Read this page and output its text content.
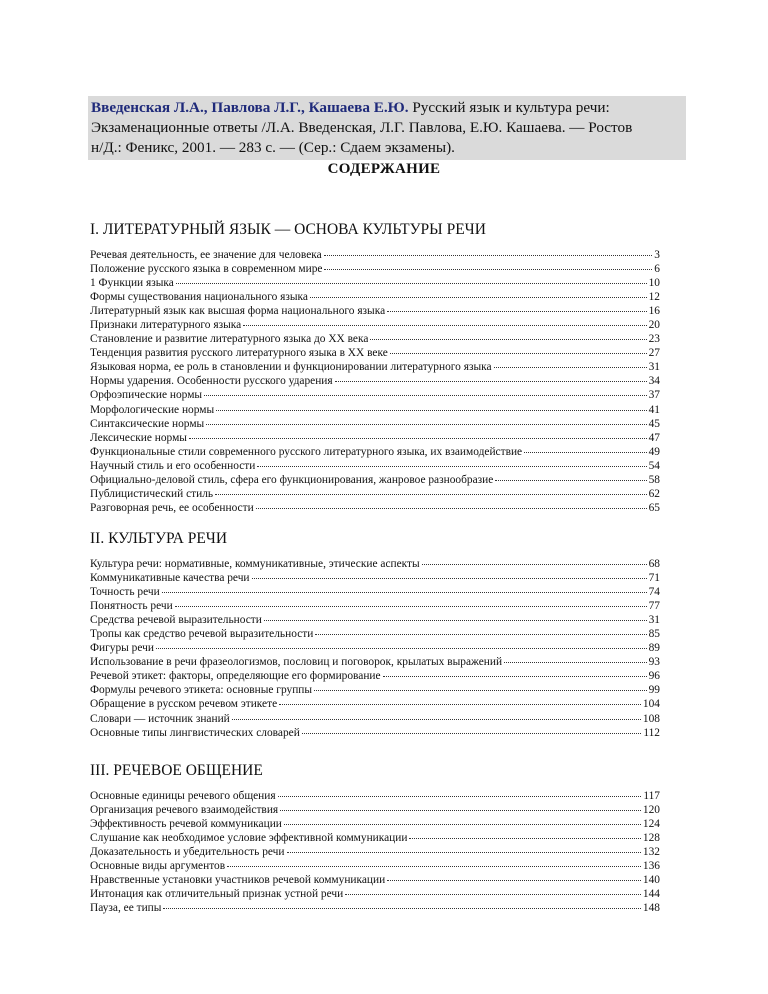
Введенская Л.А., Павлова Л.Г., Кашаева Е.Ю. Русский язык и культура речи:
Экзаменационные ответы /Л.А. Введенская, Л.Г. Павлова, Е.Ю. Кашаева. — Ростов
н/Д.: Феникс, 2001. — 283 с. — (Сер.: Сдаем экзамены).
СОДЕРЖАНИЕ
I. ЛИТЕРАТУРНЫЙ ЯЗЫК — ОСНОВА КУЛЬТУРЫ РЕЧИ
Речевая деятельность, ее значение для человека	3
Положение русского языка в современном мире	6
1 Функции языка	10
Формы существования национального языка	12
Литературный язык как высшая форма национального языка	16
Признаки литературного языка	20
Становление и развитие литературного языка до XX века	23
Тенденция развития русского литературного языка в XX веке	27
Языковая норма, ее роль в становлении и функционировании литературного языка	31
Нормы ударения. Особенности русского ударения	34
Орфоэпические нормы	37
Морфологические нормы	41
Синтаксические нормы	45
Лексические нормы	47
Функциональные стили современного русского литературного языка, их взаимодействие	49
Научный стиль и его особенности	54
Официально-деловой стиль, сфера его функционирования, жанровое разнообразие	58
Публицистический стиль	62
Разговорная речь, ее особенности	65
II. КУЛЬТУРА РЕЧИ
Культура речи: нормативные, коммуникативные, этические аспекты	68
Коммуникативные качества речи	71
Точность речи	74
Понятность речи	77
Средства речевой выразительности	31
Тропы как средство речевой выразительности	85
Фигуры речи	89
Использование в речи фразеологизмов, пословиц и поговорок, крылатых выражений	93
Речевой этикет: факторы, определяющие его формирование	96
Формулы речевого этикета: основные группы	99
Обращение в русском речевом этикете	104
Словари — источник знаний	108
Основные типы лингвистических словарей	112
III. РЕЧЕВОЕ ОБЩЕНИЕ
Основные единицы речевого общения	117
Организация речевого взаимодействия	120
Эффективность речевой коммуникации	124
Слушание как необходимое условие эффективной коммуникации	128
Доказательность и убедительность речи	132
Основные виды аргументов	136
Нравственные установки участников речевой коммуникации	140
Интонация как отличительный признак устной речи	144
Пауза, ее типы	148
